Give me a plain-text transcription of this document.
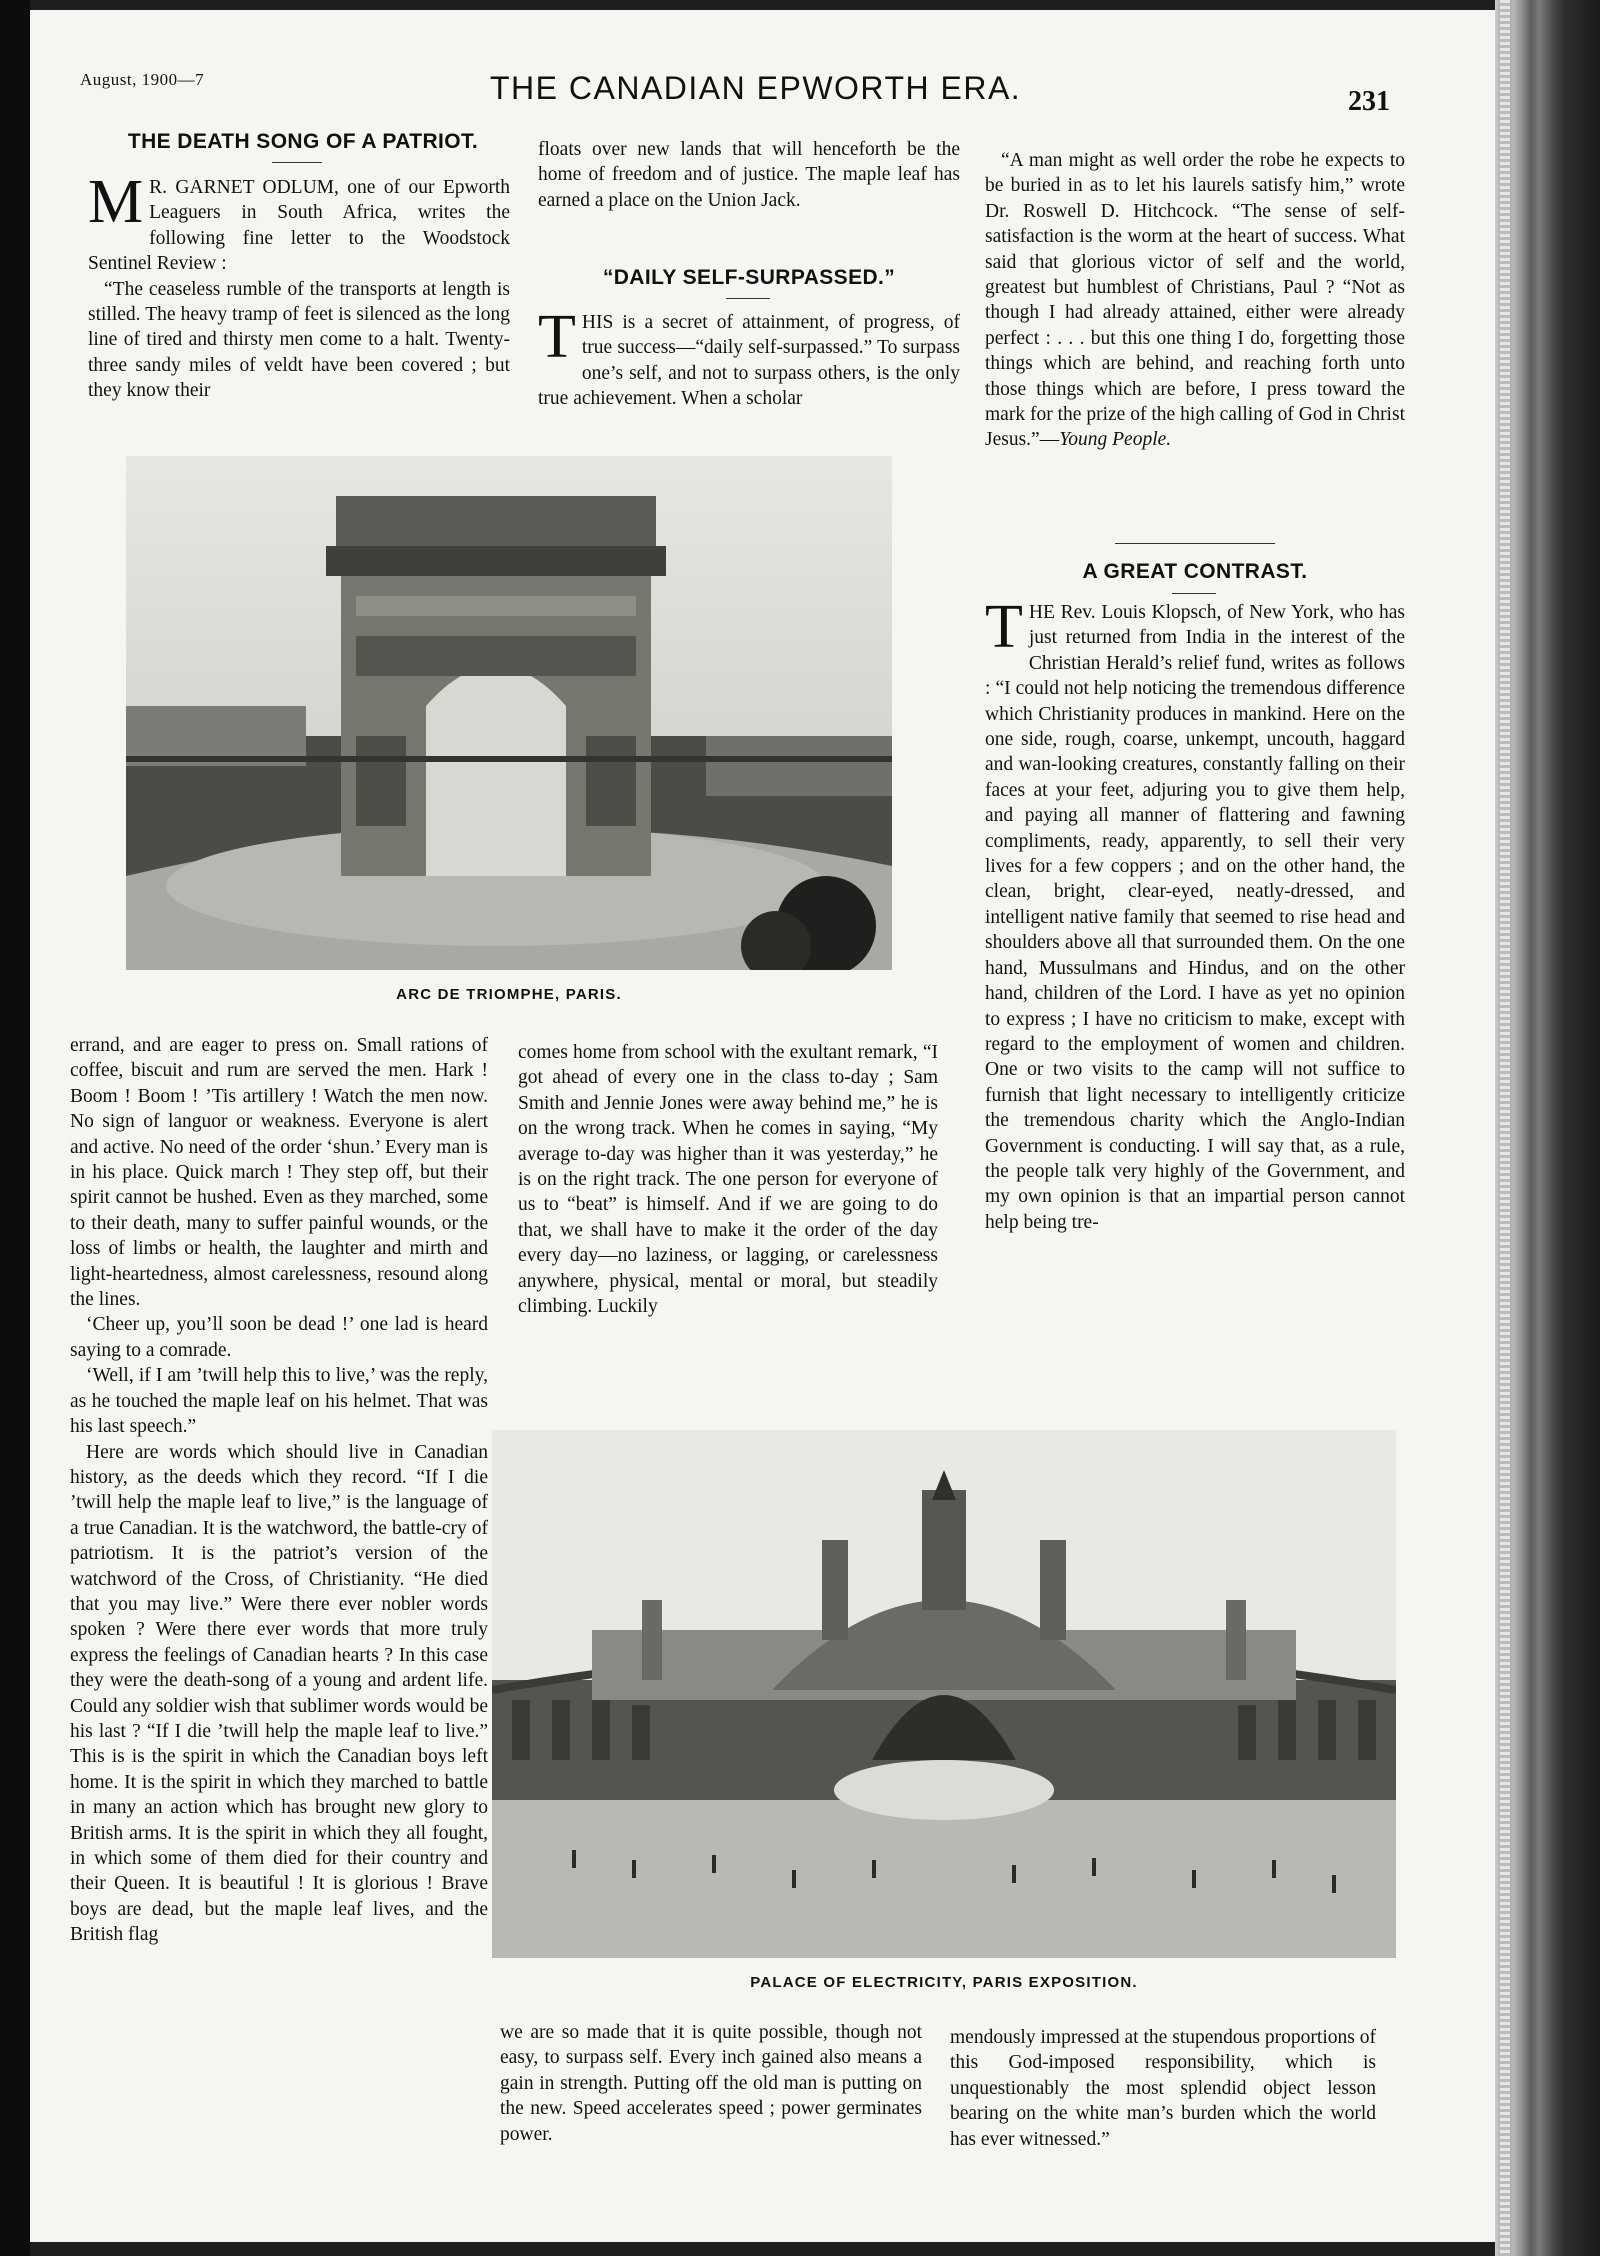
August, 1900—7	THE CANADIAN EPWORTH ERA.	231
THE DEATH SONG OF A PATRIOT.
M R. GARNET ODLUM, one of our Epworth Leaguers in South Africa, writes the following fine letter to the Woodstock Sentinel Review :

“The ceaseless rumble of the transports at length is stilled. The heavy tramp of feet is silenced as the long line of tired and thirsty men come to a halt. Twenty-three sandy miles of veldt have been covered ; but they know their

floats over new lands that will henceforth be the home of freedom and of justice. The maple leaf has earned a place on the Union Jack.

“DAILY SELF-SURPASSED.”
T HIS is a secret of attainment, of progress, of true success—“daily self-surpassed.” To surpass one’s self, and not to surpass others, is the only true achievement. When a scholar

“A man might as well order the robe he expects to be buried in as to let his laurels satisfy him,” wrote Dr. Roswell D. Hitchcock. “The sense of self-satisfaction is the worm at the heart of success. What said that glorious victor of self and the world, greatest but humblest of Christians, Paul ? “Not as though I had already attained, either were already perfect : . . . but this one thing I do, forgetting those things which are behind, and reaching forth unto those things which are before, I press toward the mark for the prize of the high calling of God in Christ Jesus.”—Young People.

A GREAT CONTRAST.
T HE Rev. Louis Klopsch, of New York, who has just returned from India in the interest of the Christian Herald’s relief fund, writes as follows : “I could not help noticing the tremendous difference which Christianity produces in mankind. Here on the one side, rough, coarse, unkempt, uncouth, haggard and wan-looking creatures, constantly falling on their faces at your feet, adjuring you to give them help, and paying all manner of flattering and fawning compliments, ready, apparently, to sell their very lives for a few coppers ; and on the other hand, the clean, bright, clear-eyed, neatly-dressed, and intelligent native family that seemed to rise head and shoulders above all that surrounded them. On the one hand, Mussulmans and Hindus, and on the other hand, children of the Lord. I have as yet no opinion to express ; I have no criticism to make, except with regard to the employment of women and children. One or two visits to the camp will not suffice to furnish that light necessary to intelligently criticize the tremendous charity which the Anglo-Indian Government is conducting. I will say that, as a rule, the people talk very highly of the Government, and my own opinion is that an impartial person cannot help being tre-

ARC DE TRIOMPHE, PARIS.

errand, and are eager to press on. Small rations of coffee, biscuit and rum are served the men. Hark ! Boom ! Boom ! ’Tis artillery ! Watch the men now. No sign of languor or weakness. Everyone is alert and active. No need of the order ‘shun.’ Every man is in his place. Quick march ! They step off, but their spirit cannot be hushed. Even as they marched, some to their death, many to suffer painful wounds, or the loss of limbs or health, the laughter and mirth and light-heartedness, almost carelessness, resound along the lines.

‘Cheer up, you’ll soon be dead !’ one lad is heard saying to a comrade.

‘Well, if I am ’twill help this to live,’ was the reply, as he touched the maple leaf on his helmet. That was his last speech.”

Here are words which should live in Canadian history, as the deeds which they record. “If I die ’twill help the maple leaf to live,” is the language of a true Canadian. It is the watchword, the battle-cry of patriotism. It is the patriot’s version of the watchword of the Cross, of Christianity. “He died that you may live.” Were there ever nobler words spoken ? Were there ever words that more truly express the feelings of Canadian hearts ? In this case they were the death-song of a young and ardent life. Could any soldier wish that sublimer words would be his last ? “If I die ’twill help the maple leaf to live.” This is is the spirit in which the Canadian boys left home. It is the spirit in which they marched to battle in many an action which has brought new glory to British arms. It is the spirit in which they all fought, in which some of them died for their country and their Queen. It is beautiful ! It is glorious ! Brave boys are dead, but the maple leaf lives, and the British flag

comes home from school with the exultant remark, “I got ahead of every one in the class to-day ; Sam Smith and Jennie Jones were away behind me,” he is on the wrong track. When he comes in saying, “My average to-day was higher than it was yesterday,” he is on the right track. The one person for everyone of us to “beat” is himself. And if we are going to do that, we shall have to make it the order of the day every day—no laziness, or lagging, or carelessness anywhere, physical, mental or moral, but steadily climbing. Luckily

PALACE OF ELECTRICITY, PARIS EXPOSITION.

we are so made that it is quite possible, though not easy, to surpass self. Every inch gained also means a gain in strength. Putting off the old man is putting on the new. Speed accelerates speed ; power germinates power.

mendously impressed at the stupendous proportions of this God-imposed responsibility, which is unquestionably the most splendid object lesson bearing on the white man’s burden which the world has ever witnessed.”
